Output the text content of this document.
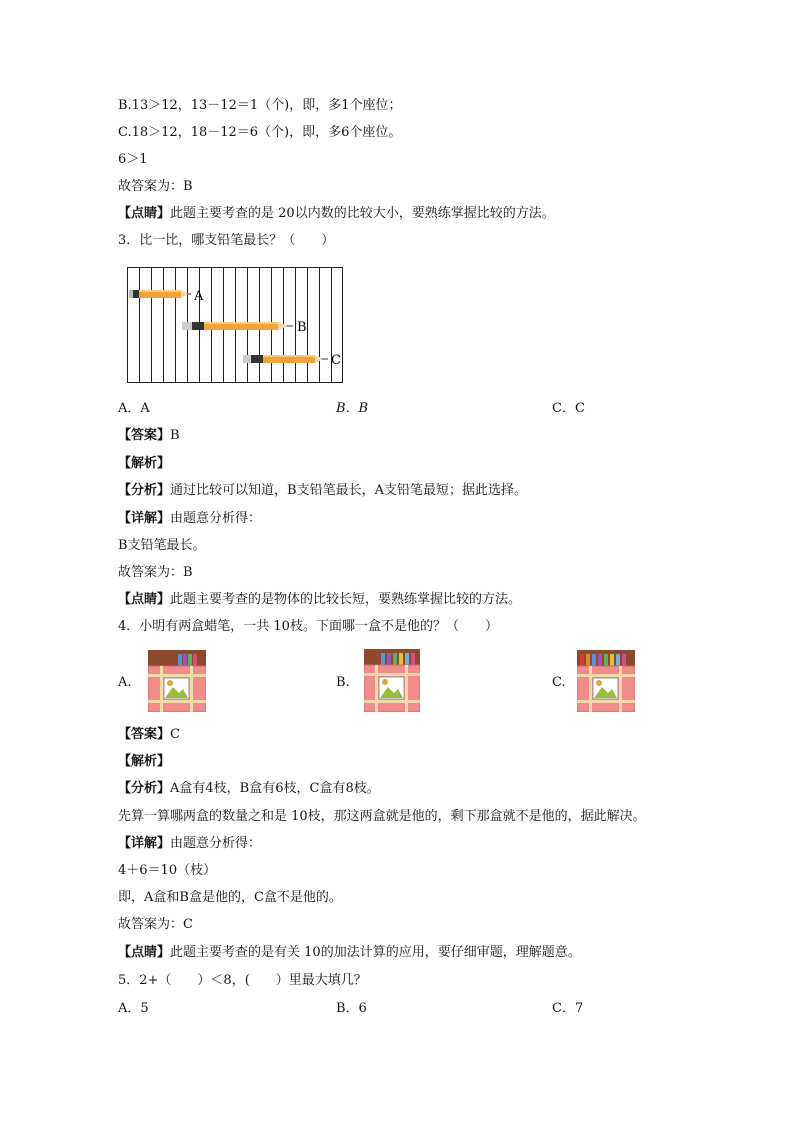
B.13＞12，13－12＝1（个)，即，多1个座位；
C.18＞12，18－12＝6（个)，即，多6个座位。
6＞1
故答案为：B
【点睛】此题主要考查的是 20以内数的比较大小，要熟练掌握比较的方法。
3．比一比，哪支铅笔最长？（　　）
A
B
C
A．A	B．B	C．C
【答案】B
【解析】
【分析】通过比较可以知道，B支铅笔最长，A支铅笔最短；据此选择。
【详解】由题意分析得：
B支铅笔最长。
故答案为：B
【点睛】此题主要考查的是物体的比较长短，要熟练掌握比较的方法。
4．小明有两盒蜡笔，一共 10枝。下面哪一盒不是他的？（　　）
A.	B.	C.
【答案】C
【解析】
【分析】A盒有4枝，B盒有6枝，C盒有8枝。
先算一算哪两盒的数量之和是 10枝，那这两盒就是他的，剩下那盒就不是他的，据此解决。
【详解】由题意分析得：
4＋6＝10（枝）
即，A盒和B盒是他的，C盒不是他的。
故答案为：C
【点睛】此题主要考查的是有关 10的加法计算的应用，要仔细审题，理解题意。
5．2+（　　）＜8，(　　）里最大填几？
A．5	B．6	C．7
